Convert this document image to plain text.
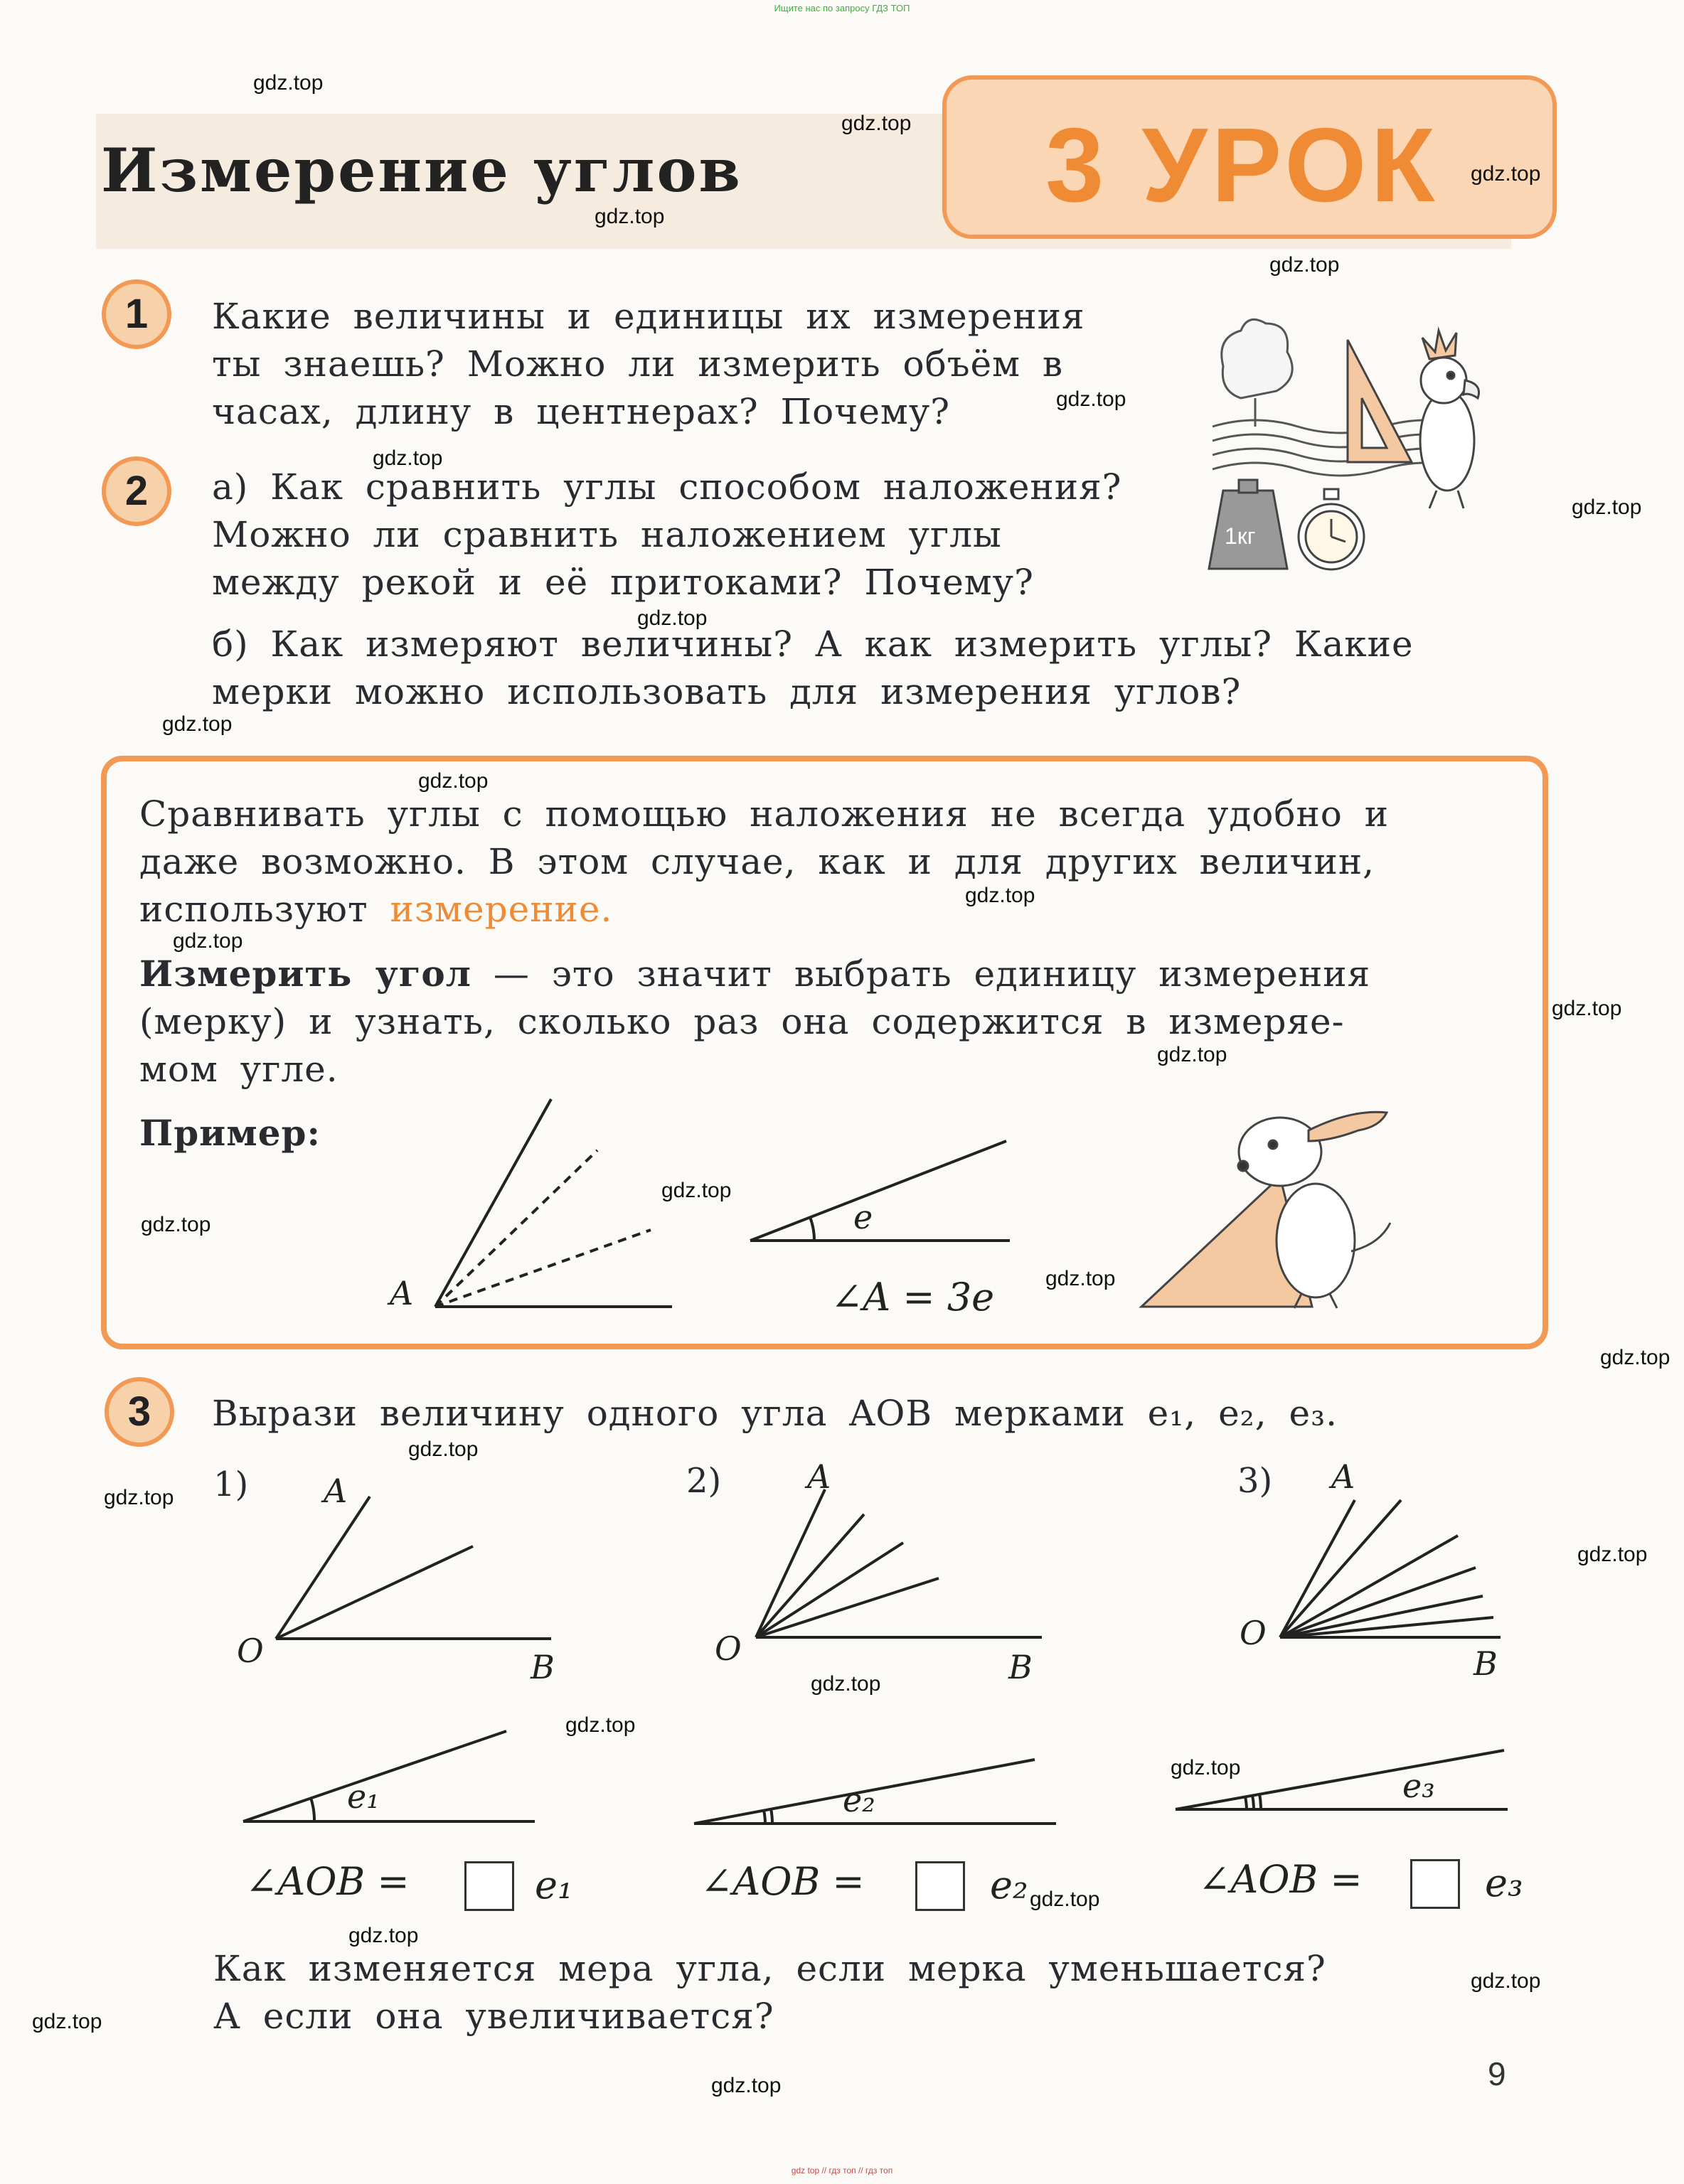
Ищите нас по запросу ГДЗ ТОП
Измерение углов	3 УРОК
1	Какие величины и единицы их измерения
ты знаешь? Можно ли измерить объём в
часах, длину в центнерах? Почему?
1кг
2	а) Как сравнить углы способом наложения?
Можно ли сравнить наложением углы
между рекой и её притоками? Почему?
б) Как измеряют величины? А как измерить углы? Какие
мерки можно использовать для измерения углов?
Сравнивать углы с помощью наложения не всегда удобно и
даже возможно. В этом случае, как и для других величин,
используют измерение.
Измерить угол — это значит выбрать единицу измерения
(мерку) и узнать, сколько раз она содержится в измеряе-
мом угле.
Пример:
A
e
∠A = 3e
3	Вырази величину одного угла AOB мерками e₁, e₂, e₃.
1)	2)	3)
A
O	B
A
O	B
A
O
B
e₁	e₂	e₃
∠AOB =	e₁	∠AOB =	e₂	∠AOB =	e₃
Как изменяется мера угла, если мерка уменьшается?
А если она увеличивается?
9
gdz top // гдз топ // гдз топ
gdz.top
gdz.top
gdz.top
gdz.top
gdz.top
gdz.top
gdz.top
gdz.top
gdz.top
gdz.top
gdz.top
gdz.top
gdz.top
gdz.top
gdz.top
gdz.top
gdz.top
gdz.top
gdz.top
gdz.top
gdz.top
gdz.top
gdz.top
gdz.top
gdz.top
gdz.top
gdz.top
gdz.top
gdz.top
gdz.top
